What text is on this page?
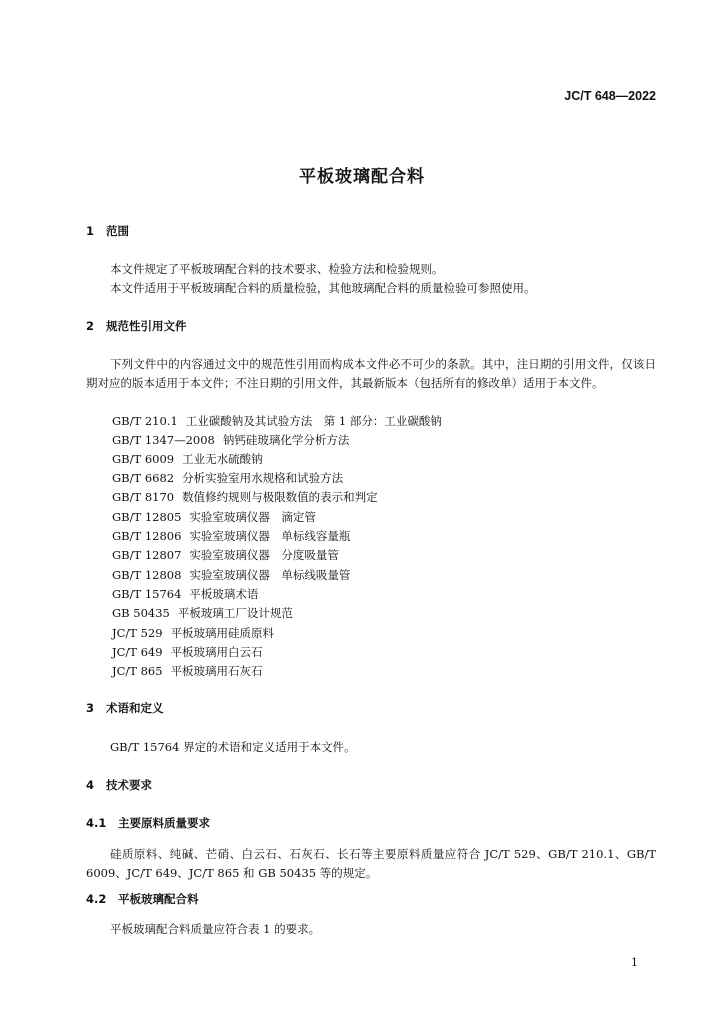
JC/T 648—2022
平板玻璃配合料
1 范围
本文件规定了平板玻璃配合料的技术要求、检验方法和检验规则。
本文件适用于平板玻璃配合料的质量检验，其他玻璃配合料的质量检验可参照使用。
2 规范性引用文件
下列文件中的内容通过文中的规范性引用而构成本文件必不可少的条款。其中，注日期的引用文件，仅该日期对应的版本适用于本文件；不注日期的引用文件，其最新版本（包括所有的修改单）适用于本文件。
GB/T 210.1 工业碳酸钠及其试验方法　第 1 部分：工业碳酸钠
GB/T 1347—2008 钠钙硅玻璃化学分析方法
GB/T 6009 工业无水硫酸钠
GB/T 6682 分析实验室用水规格和试验方法
GB/T 8170 数值修约规则与极限数值的表示和判定
GB/T 12805 实验室玻璃仪器　滴定管
GB/T 12806 实验室玻璃仪器　单标线容量瓶
GB/T 12807 实验室玻璃仪器　分度吸量管
GB/T 12808 实验室玻璃仪器　单标线吸量管
GB/T 15764 平板玻璃术语
GB 50435 平板玻璃工厂设计规范
JC/T 529 平板玻璃用硅质原料
JC/T 649 平板玻璃用白云石
JC/T 865 平板玻璃用石灰石
3 术语和定义
GB/T 15764 界定的术语和定义适用于本文件。
4 技术要求
4.1 主要原料质量要求
硅质原料、纯碱、芒硝、白云石、石灰石、长石等主要原料质量应符合 JC/T 529、GB/T 210.1、GB/T 6009、JC/T 649、JC/T 865 和 GB 50435 等的规定。
4.2 平板玻璃配合料
平板玻璃配合料质量应符合表 1 的要求。
1
